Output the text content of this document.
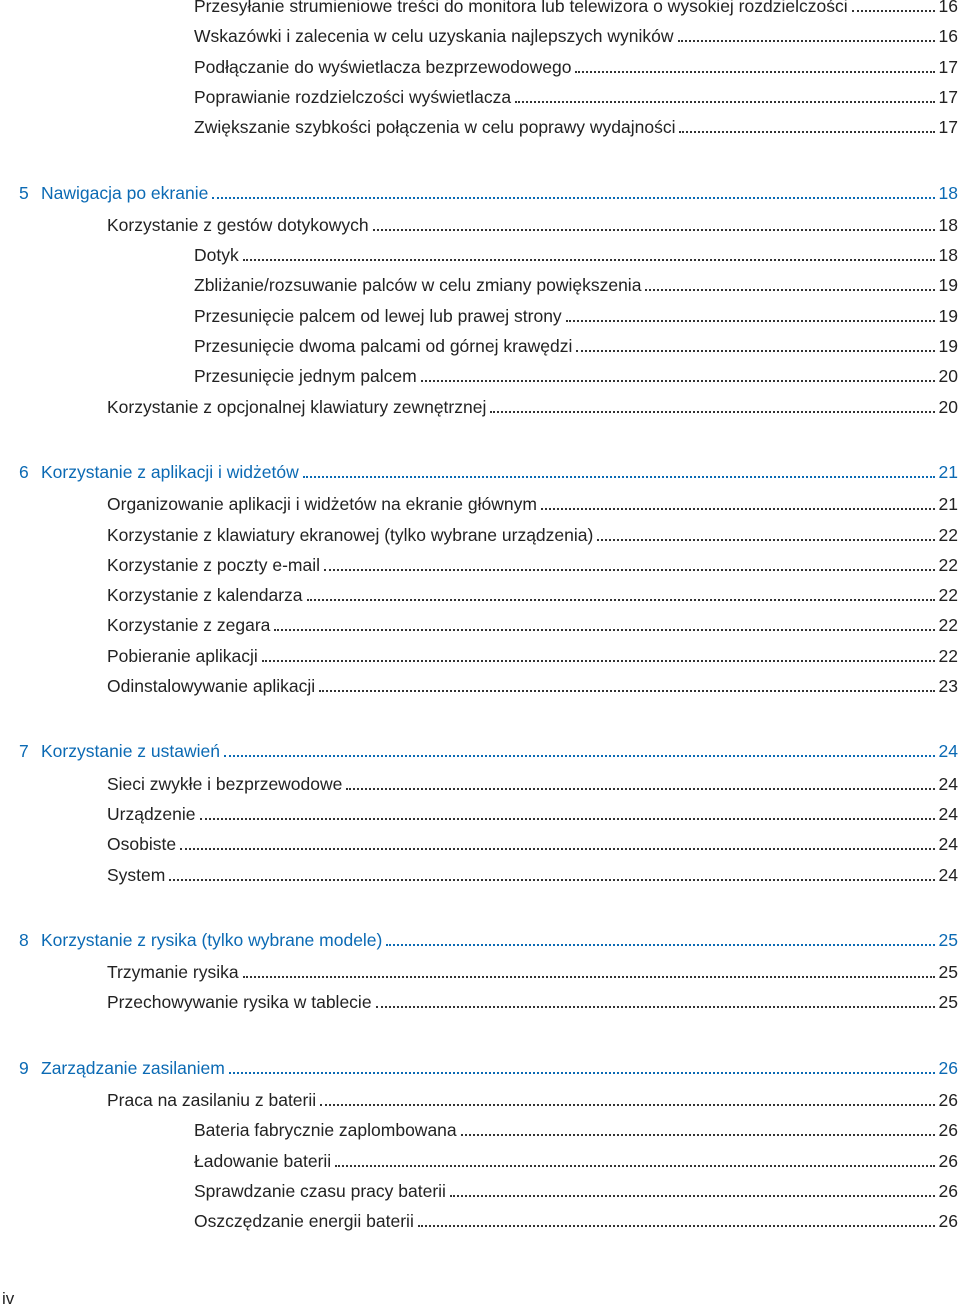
Przesyłanie strumieniowe treści do monitora lub telewizora o wysokiej rozdzielczości	16
Wskazówki i zalecenia w celu uzyskania najlepszych wyników	16
Podłączanie do wyświetlacza bezprzewodowego	17
Poprawianie rozdzielczości wyświetlacza	17
Zwiększanie szybkości połączenia w celu poprawy wydajności	17
5 Nawigacja po ekranie	18
Korzystanie z gestów dotykowych	18
Dotyk	18
Zbliżanie/rozsuwanie palców w celu zmiany powiększenia	19
Przesunięcie palcem od lewej lub prawej strony	19
Przesunięcie dwoma palcami od górnej krawędzi	19
Przesunięcie jednym palcem	20
Korzystanie z opcjonalnej klawiatury zewnętrznej	20
6 Korzystanie z aplikacji i widżetów	21
Organizowanie aplikacji i widżetów na ekranie głównym	21
Korzystanie z klawiatury ekranowej (tylko wybrane urządzenia)	22
Korzystanie z poczty e-mail	22
Korzystanie z kalendarza	22
Korzystanie z zegara	22
Pobieranie aplikacji	22
Odinstalowywanie aplikacji	23
7 Korzystanie z ustawień	24
Sieci zwykłe i bezprzewodowe	24
Urządzenie	24
Osobiste	24
System	24
8 Korzystanie z rysika (tylko wybrane modele)	25
Trzymanie rysika	25
Przechowywanie rysika w tablecie	25
9 Zarządzanie zasilaniem	26
Praca na zasilaniu z baterii	26
Bateria fabrycznie zaplombowana	26
Ładowanie baterii	26
Sprawdzanie czasu pracy baterii	26
Oszczędzanie energii baterii	26
iv
